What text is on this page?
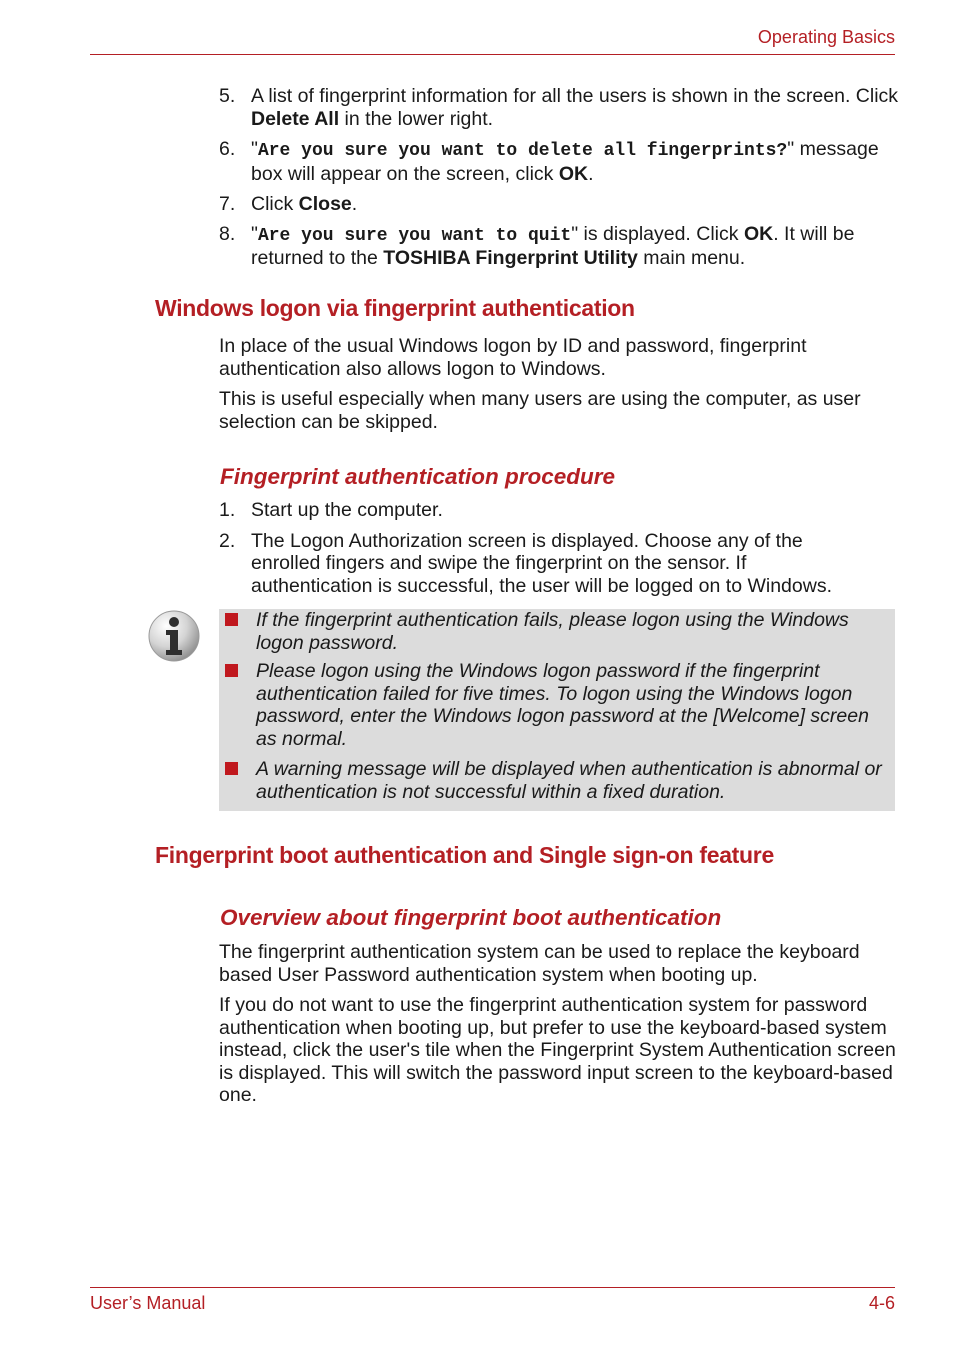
Operating Basics
5. A list of fingerprint information for all the users is shown in the screen. Click Delete All in the lower right.
6. "Are you sure you want to delete all fingerprints?" message box will appear on the screen, click OK.
7. Click Close.
8. "Are you sure you want to quit" is displayed. Click OK. It will be returned to the TOSHIBA Fingerprint Utility main menu.
Windows logon via fingerprint authentication

In place of the usual Windows logon by ID and password, fingerprint authentication also allows logon to Windows.

This is useful especially when many users are using the computer, as user selection can be skipped.

Fingerprint authentication procedure
1. Start up the computer.
2. The Logon Authorization screen is displayed. Choose any of the enrolled fingers and swipe the fingerprint on the sensor. If authentication is successful, the user will be logged on to Windows.
If the fingerprint authentication fails, please logon using the Windows logon password.
Please logon using the Windows logon password if the fingerprint authentication failed for five times. To logon using the Windows logon password, enter the Windows logon password at the [Welcome] screen as normal.
A warning message will be displayed when authentication is abnormal or authentication is not successful within a fixed duration.
Fingerprint boot authentication and Single sign-on feature
Overview about fingerprint boot authentication

The fingerprint authentication system can be used to replace the keyboard based User Password authentication system when booting up.

If you do not want to use the fingerprint authentication system for password authentication when booting up, but prefer to use the keyboard-based system instead, click the user's tile when the Fingerprint System Authentication screen is displayed. This will switch the password input screen to the keyboard-based one.

User’s Manual	4-6
